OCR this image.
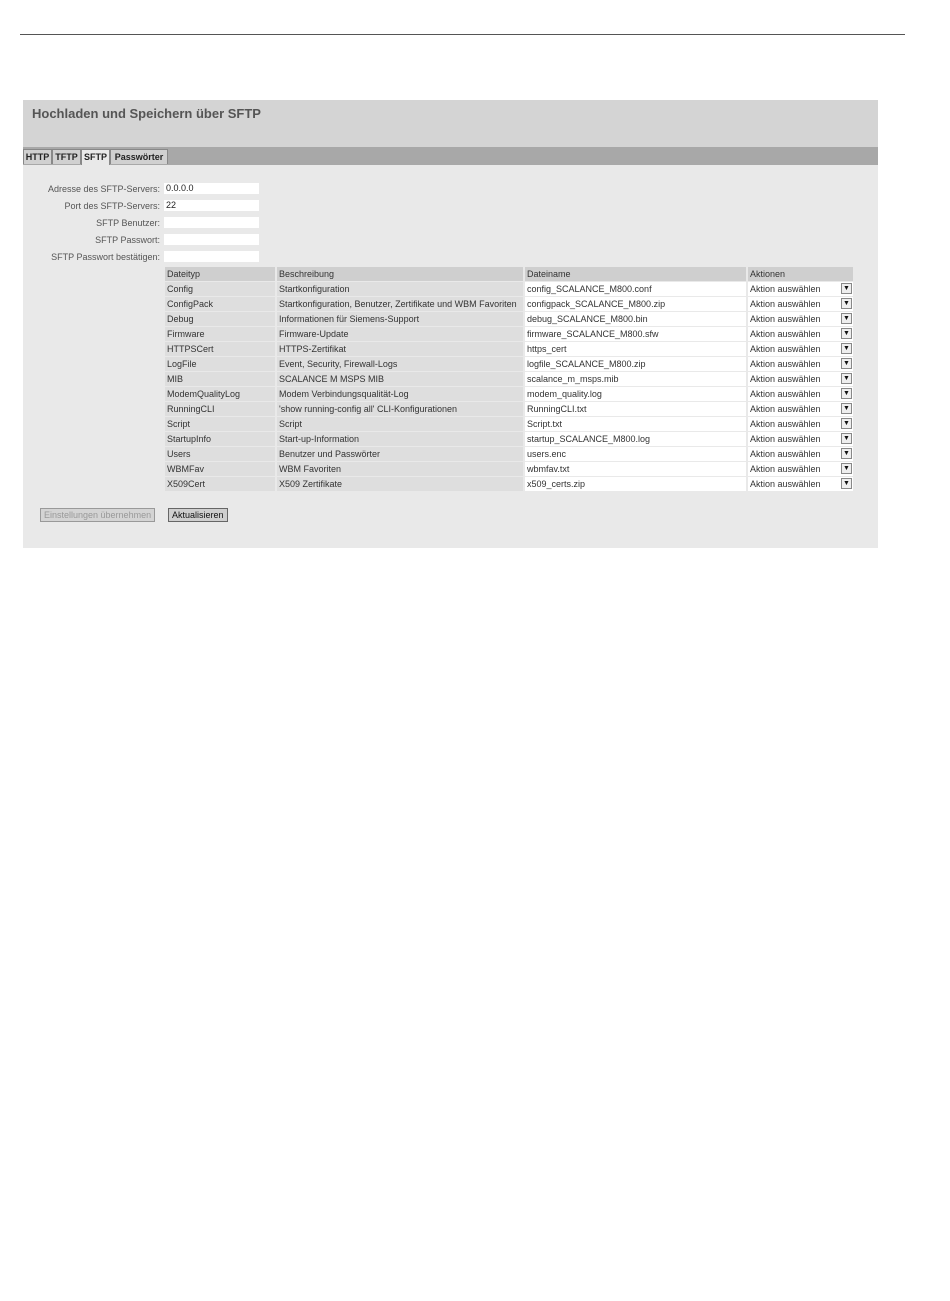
Hochladen und Speichern über SFTP
HTTP TFTP SFTP Passwörter
Adresse des SFTP-Servers:
0.0.0.0
Port des SFTP-Servers:
22
SFTP Benutzer:
SFTP Passwort:
SFTP Passwort bestätigen:
Dateityp	Beschreibung	Dateiname	Aktionen
Config	Startkonfiguration	config_SCALANCE_M800.conf	Aktion auswählen	▼
ConfigPack	Startkonfiguration, Benutzer, Zertifikate und WBM Favoriten	configpack_SCALANCE_M800.zip	Aktion auswählen	▼
Debug	Informationen für Siemens-Support	debug_SCALANCE_M800.bin	Aktion auswählen	▼
Firmware	Firmware-Update	firmware_SCALANCE_M800.sfw	Aktion auswählen	▼
HTTPSCert	HTTPS-Zertifikat	https_cert	Aktion auswählen	▼
LogFile	Event, Security, Firewall-Logs	logfile_SCALANCE_M800.zip	Aktion auswählen	▼
MIB	SCALANCE M MSPS MIB	scalance_m_msps.mib	Aktion auswählen	▼
ModemQualityLog	Modem Verbindungsqualität-Log	modem_quality.log	Aktion auswählen	▼
RunningCLI	'show running-config all' CLI-Konfigurationen	RunningCLI.txt	Aktion auswählen	▼
Script	Script	Script.txt	Aktion auswählen	▼
StartupInfo	Start-up-Information	startup_SCALANCE_M800.log	Aktion auswählen	▼
Users	Benutzer und Passwörter	users.enc	Aktion auswählen	▼
WBMFav	WBM Favoriten	wbmfav.txt	Aktion auswählen	▼
X509Cert	X509 Zertifikate	x509_certs.zip	Aktion auswählen	▼
Einstellungen übernehmen	Aktualisieren
